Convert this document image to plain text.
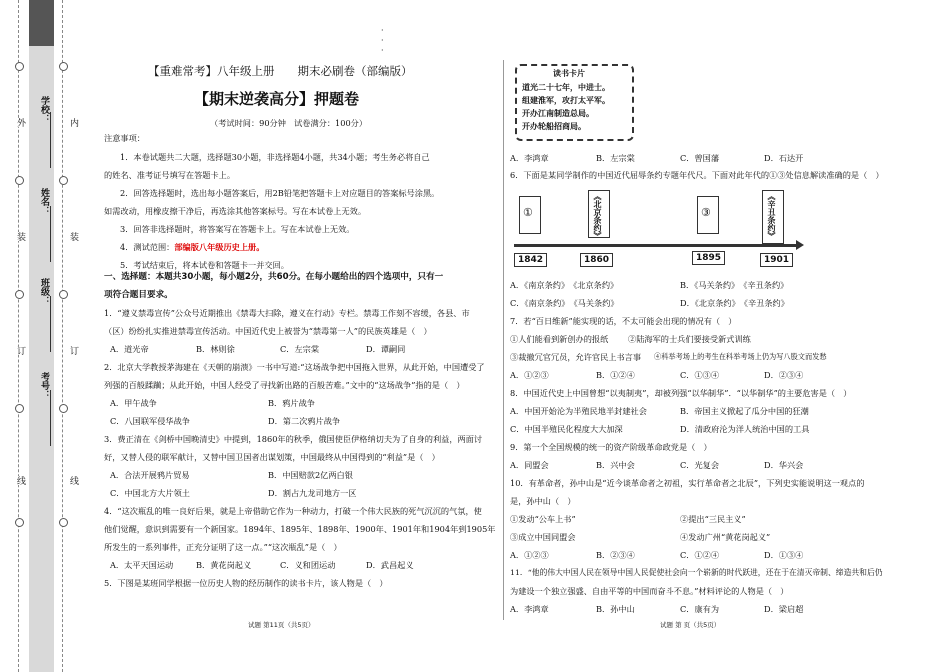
外
装
订
线
内
装
订
线
学校：
姓名：
班级：
考号：
·
·
·
【重难常考】八年级上册　　期末必刷卷（部编版）
【期末逆袭高分】押题卷
（考试时间：90分钟　试卷满分：100分）
注意事项：
1．本卷试题共二大题，选择题30小题，非选择题4小题，共34小题；考生务必将自己
的姓名、准考证号填写在答题卡上。
2．回答选择题时，选出每小题答案后，用2B铅笔把答题卡上对应题目的答案标号涂黑。
如需改动，用橡皮擦干净后，再选涂其他答案标号。写在本试卷上无效。
3．回答非选择题时，将答案写在答题卡上。写在本试卷上无效。
4．测试范围：部编版八年级历史上册。
5．考试结束后，将本试卷和答题卡一并交回。
一、选择题：本题共30小题，每小题2分，共60分。在每小题给出的四个选项中，只有一
项符合题目要求。
1．“遵义禁毒宣传”公众号近期推出《禁毒大扫除，遵义在行动》专栏。禁毒工作刻不容缓，各县、市
（区）纷纷扎实推进禁毒宣传活动。中国近代史上被誉为“禁毒第一人”的民族英雄是（　）
A．道光帝	B．林则徐	C．左宗棠	D．谭嗣同
2．北京大学教授茅海建在《天朝的崩溃》一书中写道:“这场战争把中国拖入世界，从此开始，中国遭受了
列强的百般蹂躏；从此开始，中国人经受了寻找新出路的百般苦难。”文中的“这场战争”指的是（　）
A．甲午战争	B．鸦片战争
C．八国联军侵华战争	D．第二次鸦片战争
3．费正清在《剑桥中国晚清史》中提到，1860年的秋季，俄国使臣伊格纳切夫为了自身的利益，两面讨
好，又替人侵的联军献计，又替中国卫国者出谋划策，中国最终从中国得到的“利益”是（　）
A．合法开展鸦片贸易	B．中国赔款2亿两白银
C．中国北方大片领土	D．割占九龙司地方一区
4．“这次瓶乱的唯一良好后果，就是上帝借助它作为一种动力，打破一个伟大民族的死气沉沉的气氛，使
他们觉醒，意识到需要有一个新国家。1894年、1895年、1898年、1900年、1901年和1904年到1905年
所发生的一系列事件，正充分证明了这一点。”“这次瓶乱”是（　）
A．太平天国运动	B．黄花岗起义	C．义和团运动	D．武昌起义
5．下图是某班同学根据一位历史人物的经历制作的读书卡片，该人物是（　）
试题 第11页（共5页）
读书卡片
道光二十七年，中进士。
组建淮军，攻打太平军。
开办江南制造总局。
开办轮船招商局。
A．李鸿章	B．左宗棠	C．曾国藩	D．石达开
6．下面是某同学制作的中国近代屈辱条约专题年代尺。下面对此年代的①③处信息解读准确的是（　）
①	《北京条约》	③	《辛丑条约》
1842	1860	1895	1901
A．《南京条约》　《北京条约》	B．《马关条约》　《辛丑条约》
C．《南京条约》　《马关条约》	D．《北京条约》　《辛丑条约》
7．若“百日维新”能实现的话，不太可能会出现的情况有（　）
①人们能看到新创办的报纸 ②陆海军的士兵们要接受新式训练
③裁撤冗官冗员，允许官民上书言事 ④科举考场上的考生在科举考场上仍为写八股文而发愁
A．①②③	B．①②④	C．①③④	D．②③④
8．中国近代史上中国曾想“以夷制夷”，却被列强“以华制华”．“以华制华”的主要危害是（　）
A．中国开始沦为半殖民地半封建社会	B．帝国主义掀起了瓜分中国的狂潮
C．中国半殖民化程度大大加深	D．清政府沦为洋人统治中国的工具
9．第一个全国规模的统一的资产阶级革命政党是（　）
A．同盟会	B．兴中会	C．光复会	D．华兴会
10．有革命者，孙中山是“近今谈革命者之初祖，实行革命者之北辰”，下列史实能说明这一观点的
是，孙中山（　）
①发动“公车上书”	②提出“三民主义”
③成立中国同盟会	④发动广州“黄花岗起义”
A．①②③	B．②③④	C．①②④	D．①③④
11．“他的伟大中国人民在领导中国人民促使社会向一个崭新的时代跃进，还在于在清灭帝制、缔造共和后仍
为建设一个独立强盛、自由平等的中国而奋斗不息。”材料评论的人物是（　）
A．李鸿章	B．孙中山	C．康有为	D．梁启超
试题 第 页（共5页）
